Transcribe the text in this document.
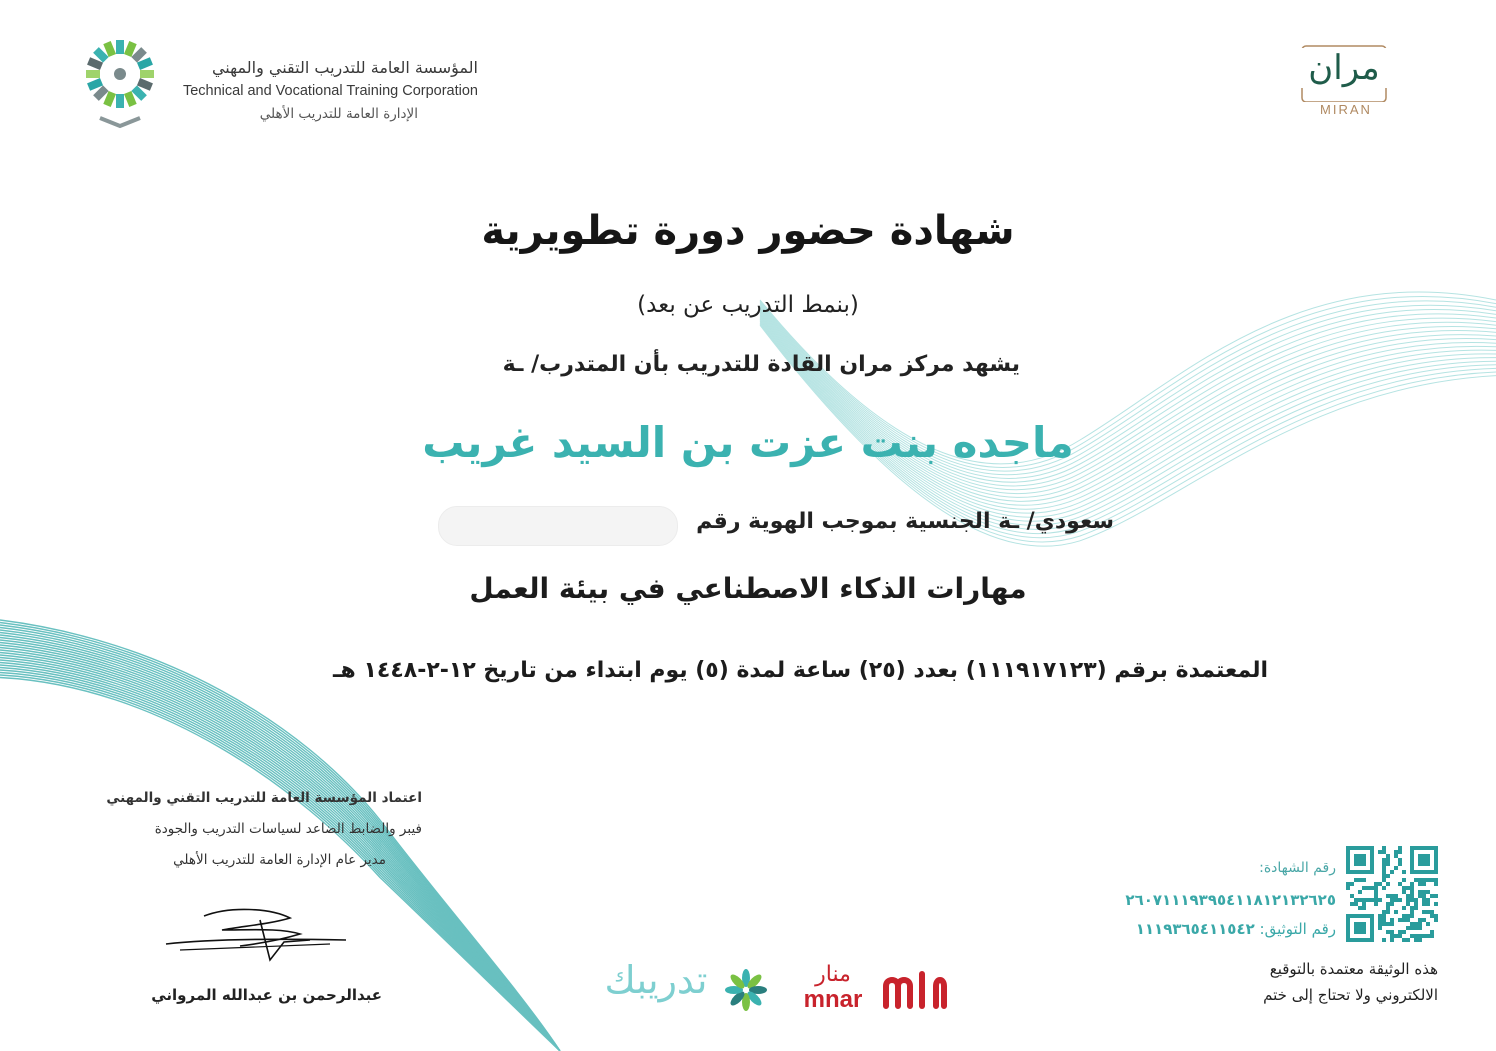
المؤسسة العامة للتدريب التقني والمهني
Technical and Vocational Training Corporation
الإدارة العامة للتدريب الأهلي
مران
MIRAN
شهادة حضور دورة تطويرية
(بنمط التدريب عن بعد)
يشهد مركز مران القادة للتدريب بأن المتدرب/ ـة
ماجده بنت عزت بن السيد غريب
سعودي/ ـة الجنسية بموجب الهوية رقم
مهارات الذكاء الاصطناعي في بيئة العمل
المعتمدة برقم (١١١٩١٧١٢٣) بعدد (٢٥) ساعة لمدة (٥) يوم ابتداء من تاريخ ١٢-٢-١٤٤٨ هـ
اعتماد المؤسسة العامة للتدريب التقني والمهني
فيبر والضابط الضاعد لسياسات التدريب والجودة
مدير عام الإدارة العامة للتدريب الأهلي
عبدالرحمن بن عبدالله المرواني	تدريبك	منار
mnar
رقم الشهادة:
٢٦٠٧١١١٩٣٩٥٤١١٨١٢١٣٢٦٢٥
رقم التوثيق: ١١١٩٣٦٥٤١١٥٤٢
هذه الوثيقة معتمدة بالتوقيع
الالكتروني ولا تحتاج إلى ختم
